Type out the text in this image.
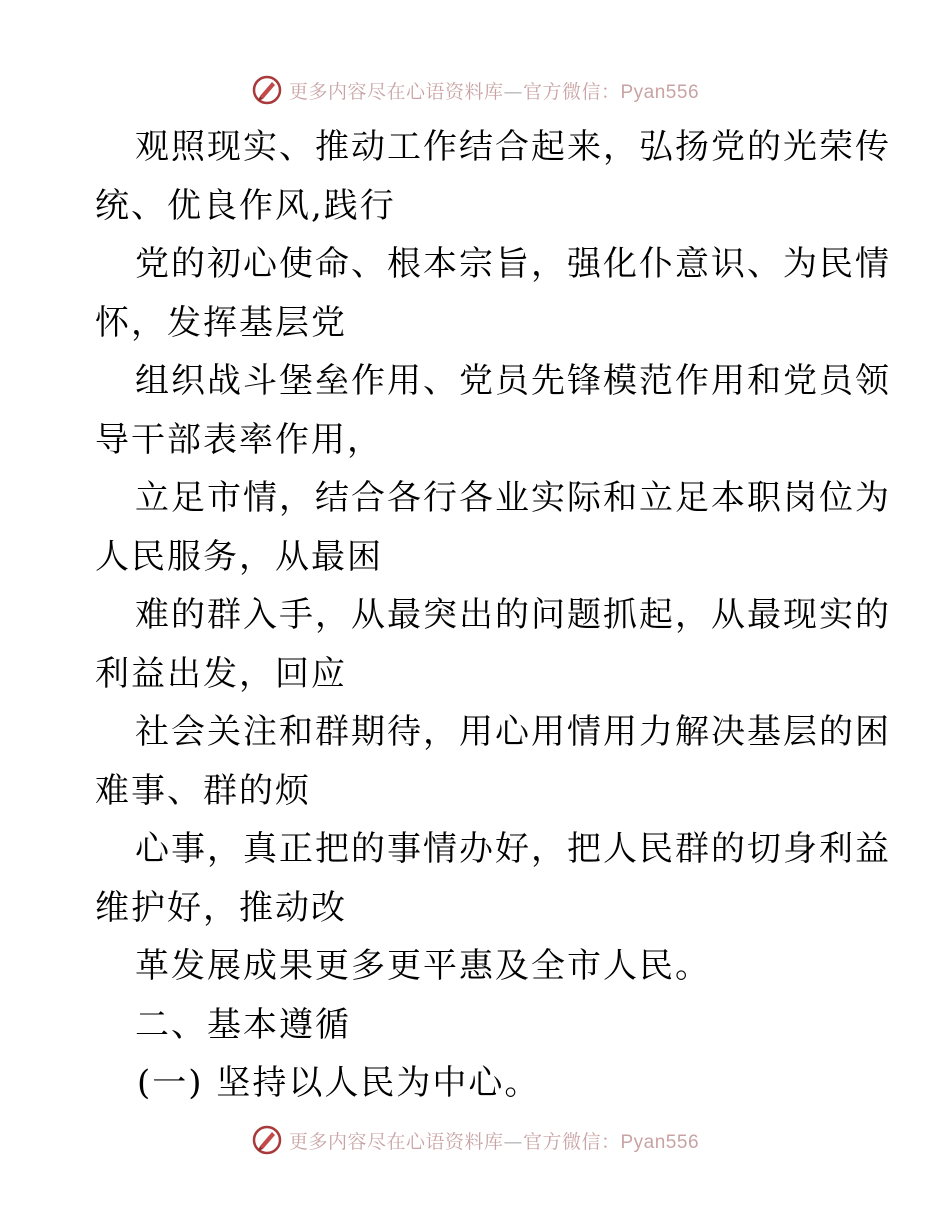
更多内容尽在心语资料库—官方微信：Pyan556
观照现实、推动工作结合起来，弘扬党的光荣传
统、优良作风,践行
党的初心使命、根本宗旨，强化仆意识、为民情
怀，发挥基层党
组织战斗堡垒作用、党员先锋模范作用和党员领
导干部表率作用，
立足市情，结合各行各业实际和立足本职岗位为
人民服务，从最困
难的群入手，从最突出的问题抓起，从最现实的
利益出发，回应
社会关注和群期待，用心用情用力解决基层的困
难事、群的烦
心事，真正把的事情办好，把人民群的切身利益
维护好，推动改
革发展成果更多更平惠及全市人民。
二、基本遵循
(一) 坚持以人民为中心。
更多内容尽在心语资料库—官方微信：Pyan556
